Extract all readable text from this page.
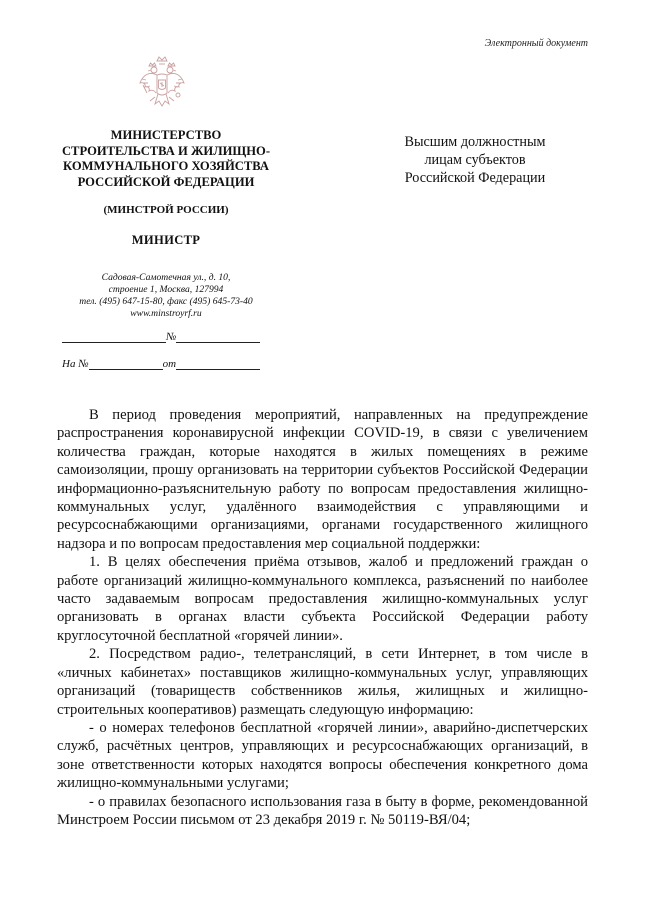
Электронный документ
МИНИСТЕРСТВО
СТРОИТЕЛЬСТВА И ЖИЛИЩНО-
КОММУНАЛЬНОГО ХОЗЯЙСТВА
РОССИЙСКОЙ ФЕДЕРАЦИИ
(МИНСТРОЙ РОССИИ)
МИНИСТР
Садовая-Самотечная ул., д. 10,
строение 1, Москва, 127994
тел. (495) 647-15-80, факс (495) 645-73-40
www.minstroyrf.ru
№
На №	от
Высшим должностным
лицам субъектов
Российской Федерации

В период проведения мероприятий, направленных на предупреждение распространения коронавирусной инфекции COVID-19, в связи с увеличением количества граждан, которые находятся в жилых помещениях в режиме самоизоляции, прошу организовать на территории субъектов Российской Федерации информационно-разъяснительную работу по вопросам предоставления жилищно-коммунальных услуг, удалённого взаимодействия с управляющими и ресурсоснабжающими организациями, органами государственного жилищного надзора и по вопросам предоставления мер социальной поддержки:

1. В целях обеспечения приёма отзывов, жалоб и предложений граждан о работе организаций жилищно-коммунального комплекса, разъяснений по наиболее часто задаваемым вопросам предоставления жилищно-коммунальных услуг организовать в органах власти субъекта Российской Федерации работу круглосуточной бесплатной «горячей линии».

2. Посредством радио-, телетрансляций, в сети Интернет, в том числе в «личных кабинетах» поставщиков жилищно-коммунальных услуг, управляющих организаций (товариществ собственников жилья, жилищных и жилищно-строительных кооперативов) размещать следующую информацию:

- о номерах телефонов бесплатной «горячей линии», аварийно-диспетчерских служб, расчётных центров, управляющих и ресурсоснабжающих организаций, в зоне ответственности которых находятся вопросы обеспечения конкретного дома жилищно-коммунальными услугами;

- о правилах безопасного использования газа в быту в форме, рекомендованной Минстроем России письмом от 23 декабря 2019 г. № 50119-ВЯ/04;
